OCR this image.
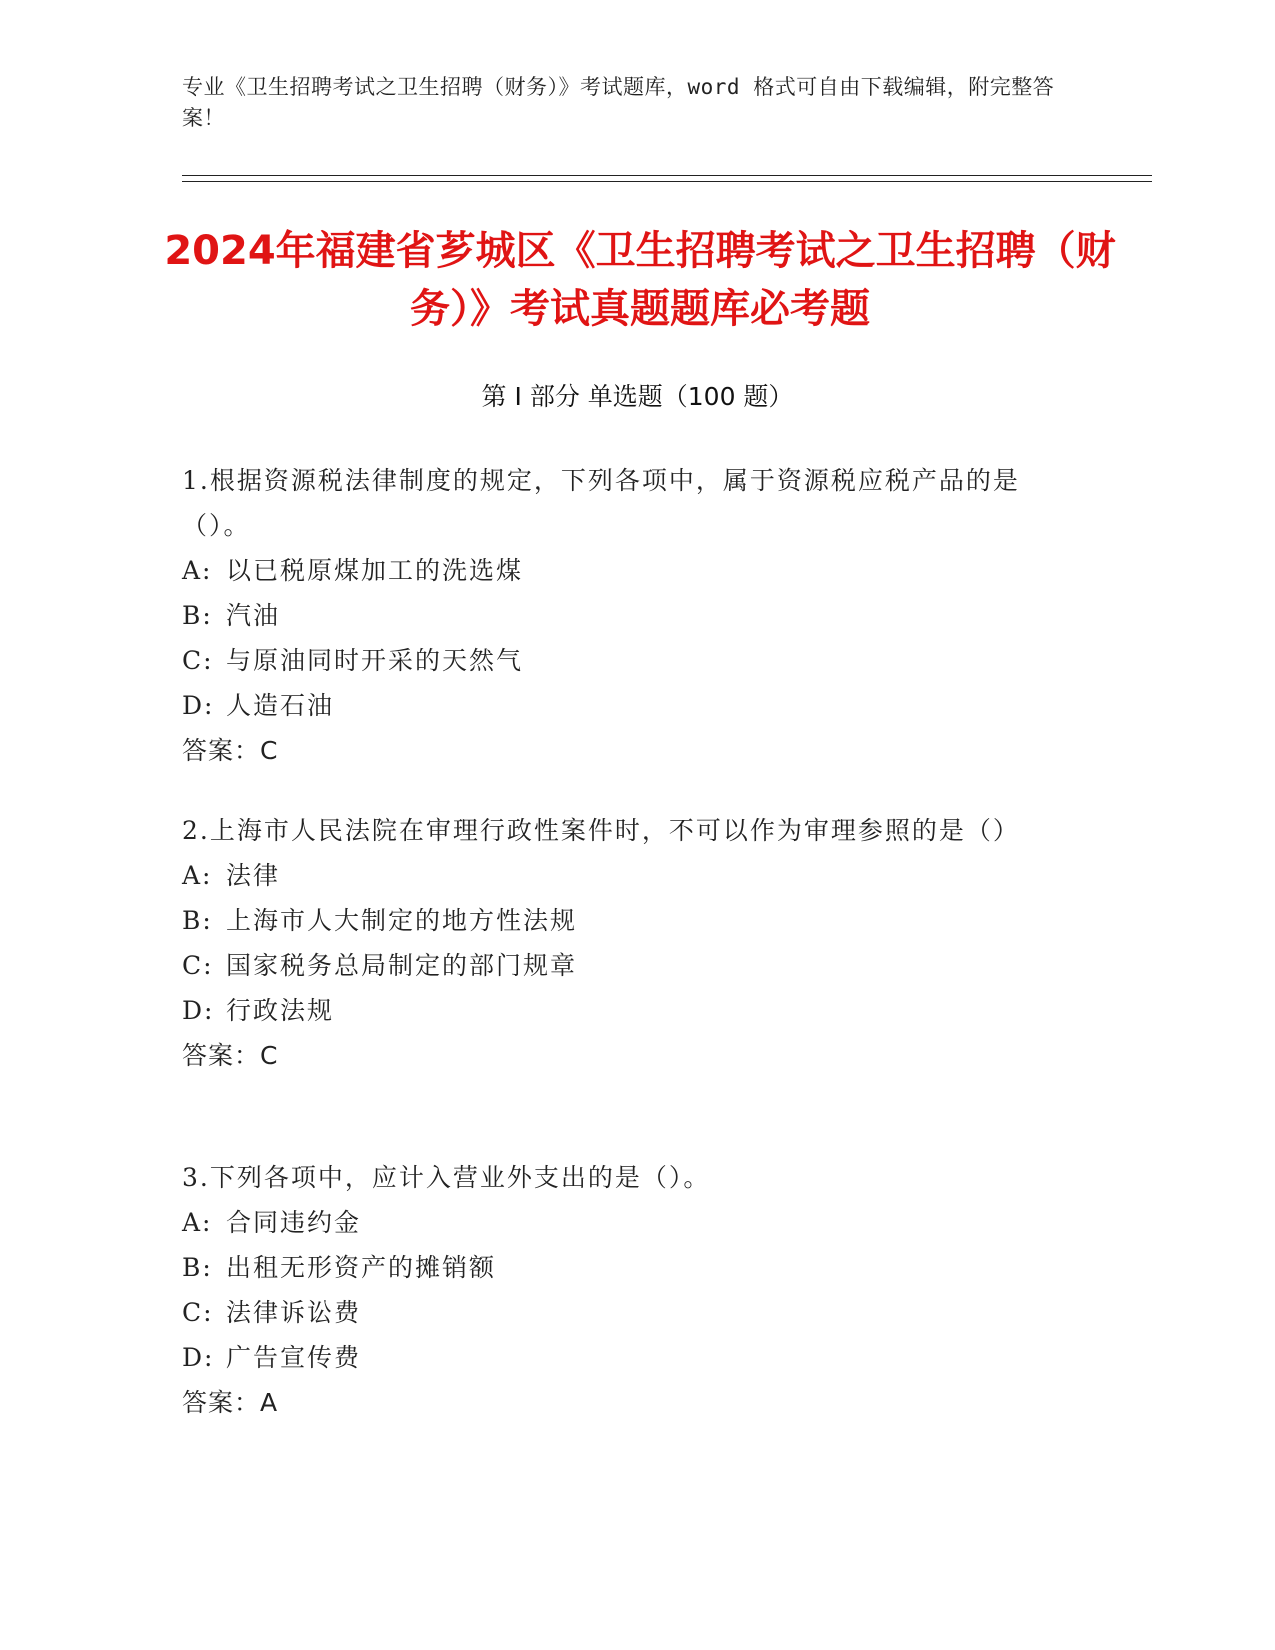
专业《卫生招聘考试之卫生招聘（财务）》考试题库，word 格式可自由下载编辑，附完整答案！
2024年福建省芗城区《卫生招聘考试之卫生招聘（财务）》考试真题题库必考题
第 I 部分 单选题（100 题）
1.根据资源税法律制度的规定，下列各项中，属于资源税应税产品的是（）。
A: 以已税原煤加工的洗选煤
B: 汽油
C: 与原油同时开采的天然气
D: 人造石油
答案：C
2.上海市人民法院在审理行政性案件时，不可以作为审理参照的是（）
A: 法律
B: 上海市人大制定的地方性法规
C: 国家税务总局制定的部门规章
D: 行政法规
答案：C
3.下列各项中，应计入营业外支出的是（）。
A: 合同违约金
B: 出租无形资产的摊销额
C: 法律诉讼费
D: 广告宣传费
答案：A
